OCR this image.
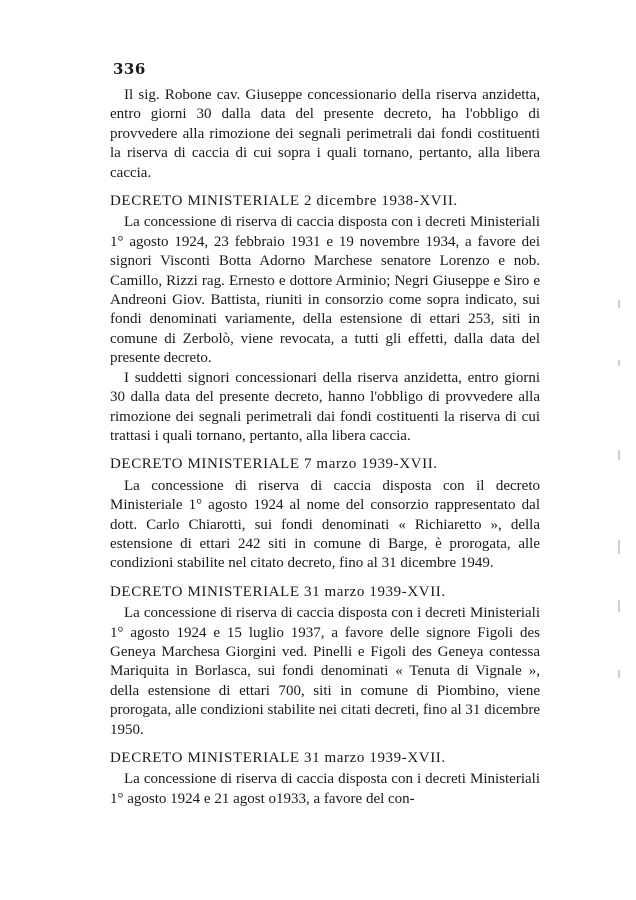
336

Il sig. Robone cav. Giuseppe concessionario della riserva anzidetta, entro giorni 30 dalla data del presente decreto, ha l'obbligo di provvedere alla rimozione dei segnali perimetrali dai fondi costituenti la riserva di caccia di cui sopra i quali tornano, pertanto, alla libera caccia.

DECRETO MINISTERIALE 2 dicembre 1938-XVII.

La concessione di riserva di caccia disposta con i decreti Ministeriali 1° agosto 1924, 23 febbraio 1931 e 19 novembre 1934, a favore dei signori Visconti Botta Adorno Marchese senatore Lorenzo e nob. Camillo, Rizzi rag. Ernesto e dottore Arminio; Negri Giuseppe e Siro e Andreoni Giov. Battista, riuniti in consorzio come sopra indicato, sui fondi denominati variamente, della estensione di ettari 253, siti in comune di Zerbolò, viene revocata, a tutti gli effetti, dalla data del presente decreto.

I suddetti signori concessionari della riserva anzidetta, entro giorni 30 dalla data del presente decreto, hanno l'obbligo di provvedere alla rimozione dei segnali perimetrali dai fondi costituenti la riserva di cui trattasi i quali tornano, pertanto, alla libera caccia.

DECRETO MINISTERIALE 7 marzo 1939-XVII.

La concessione di riserva di caccia disposta con il decreto Ministeriale 1° agosto 1924 al nome del consorzio rappresentato dal dott. Carlo Chiarotti, sui fondi denominati « Richiaretto », della estensione di ettari 242 siti in comune di Barge, è prorogata, alle condizioni stabilite nel citato decreto, fino al 31 dicembre 1949.

DECRETO MINISTERIALE 31 marzo 1939-XVII.

La concessione di riserva di caccia disposta con i decreti Ministeriali 1° agosto 1924 e 15 luglio 1937, a favore delle signore Figoli des Geneya Marchesa Giorgini ved. Pinelli e Figoli des Geneya contessa Mariquita in Borlasca, sui fondi denominati « Tenuta di Vignale », della estensione di ettari 700, siti in comune di Piombino, viene prorogata, alle condizioni stabilite nei citati decreti, fino al 31 dicembre 1950.

DECRETO MINISTERIALE 31 marzo 1939-XVII.

La concessione di riserva di caccia disposta con i decreti Ministeriali 1° agosto 1924 e 21 agost o1933, a favore del con-
